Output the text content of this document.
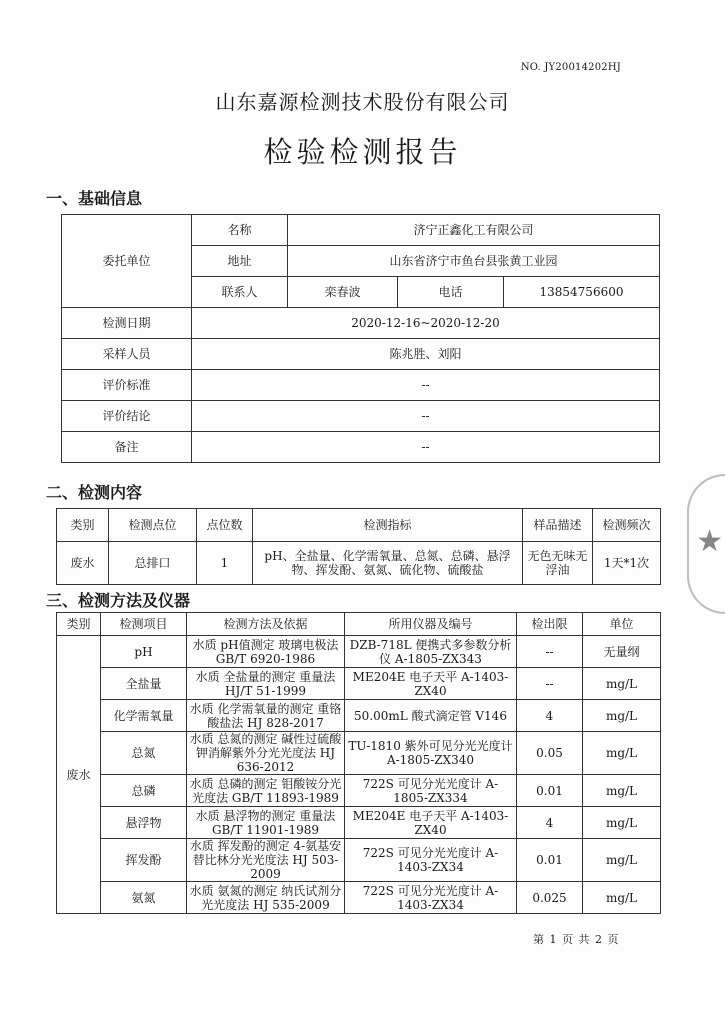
NO. JY20014202HJ
山东嘉源检测技术股份有限公司
检验检测报告
一、基础信息
委托单位	名称	济宁正鑫化工有限公司		
	地址	山东省济宁市鱼台县张黄工业园		
	联系人	栾春波	电话	13854756600
检测日期	2020-12-16~2020-12-20			
采样人员	陈兆胜、刘阳			
评价标准	--			
评价结论	--			
备注	--			
二、检测内容
类别	检测点位	点位数	检测指标	样品描述	检测频次
废水	总排口	1	pH、全盐量、化学需氧量、总氮、总磷、悬浮物、挥发酚、氨氮、硫化物、硫酸盐	无色无味无浮油	1天*1次
三、检测方法及仪器
类别	检测项目	检测方法及依据	所用仪器及编号	检出限	单位
废水	pH	水质 pH值测定 玻璃电极法 GB/T 6920-1986	DZB-718L 便携式多参数分析仪 A-1805-ZX343	--	无量纲
	全盐量	水质 全盐量的测定 重量法 HJ/T 51-1999	ME204E 电子天平 A-1403-ZX40	--	mg/L
	化学需氧量	水质 化学需氧量的测定 重铬酸盐法 HJ 828-2017	50.00mL 酸式滴定管 V146	4	mg/L
	总氮	水质 总氮的测定 碱性过硫酸钾消解紫外分光光度法 HJ 636-2012	TU-1810 紫外可见分光光度计 A-1805-ZX340	0.05	mg/L
	总磷	水质 总磷的测定 钼酸铵分光光度法 GB/T 11893-1989	722S 可见分光光度计 A-1805-ZX334	0.01	mg/L
	悬浮物	水质 悬浮物的测定 重量法 GB/T 11901-1989	ME204E 电子天平 A-1403-ZX40	4	mg/L
	挥发酚	水质 挥发酚的测定 4-氨基安替比林分光光度法 HJ 503-2009	722S 可见分光光度计 A-1403-ZX34	0.01	mg/L
	氨氮	水质 氨氮的测定 纳氏试剂分光光度法 HJ 535-2009	722S 可见分光光度计 A-1403-ZX34	0.025	mg/L
★
第 1 页 共 2 页
